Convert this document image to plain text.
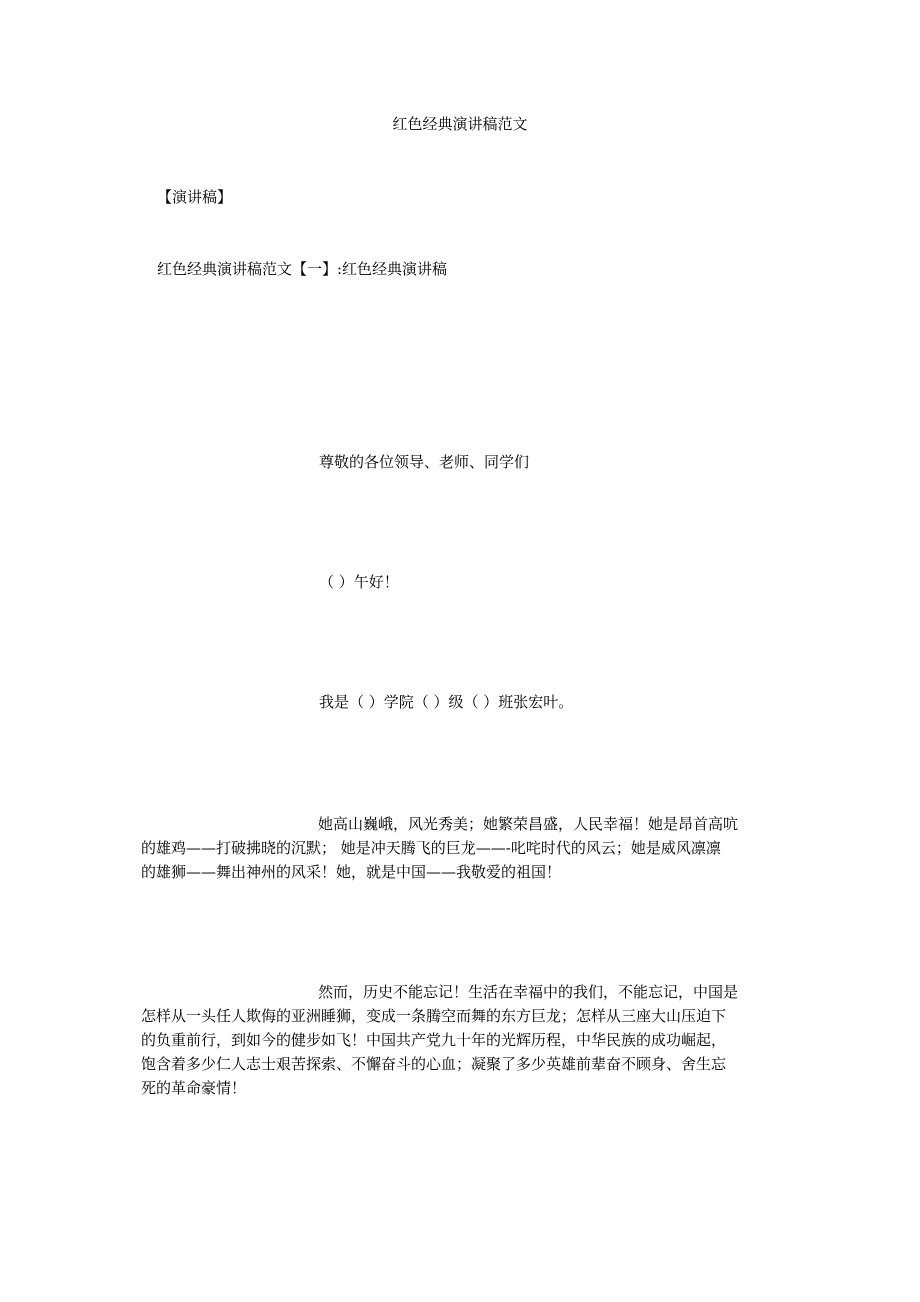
红色经典演讲稿范文

【演讲稿】

红色经典演讲稿范文【一】:红色经典演讲稿

尊敬的各位领导、老师、同学们

（ ）午好！

我是（ ）学院（ ）级（ ）班张宏叶。

她高山巍峨，风光秀美；她繁荣昌盛，人民幸福！她是昂首高吭
的雄鸡——打破拂晓的沉默； 她是冲天腾飞的巨龙——-叱咤时代的风云；她是威风凛凛
的雄狮——舞出神州的风采！她，就是中国——我敬爱的祖国！
然而，历史不能忘记！生活在幸福中的我们，不能忘记，中国是
怎样从一头任人欺侮的亚洲睡狮，变成一条腾空而舞的东方巨龙；怎样从三座大山压迫下
的负重前行，到如今的健步如飞！中国共产党九十年的光辉历程，中华民族的成功崛起，
饱含着多少仁人志士艰苦探索、不懈奋斗的心血；凝聚了多少英雄前辈奋不顾身、舍生忘
死的革命豪情！
